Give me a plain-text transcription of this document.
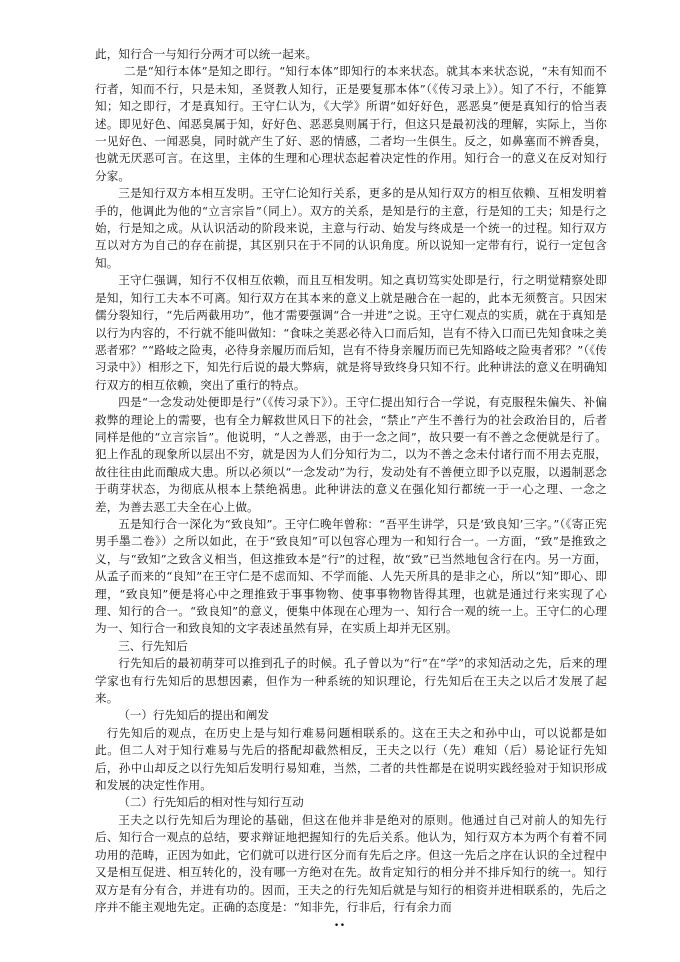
此，知行合一与知行分两才可以统一起来。

二是“知行本体”是知之即行。“知行本体”即知行的本来状态。就其本来状态说，“未有知而不行者，知而不行，只是未知，圣贤教人知行，正是要复那本体”（《传习录上》）。知了不行，不能算知；知之即行，才是真知行。王守仁认为，《大学》所谓“如好好色，恶恶臭”便是真知行的恰当表述。即见好色、闻恶臭属于知，好好色、恶恶臭则属于行，但这只是最初浅的理解，实际上，当你一见好色、一闻恶臭，同时就产生了好、恶的情感，二者均一生俱生。反之，如鼻塞而不辨香臭，也就无厌恶可言。在这里，主体的生理和心理状态起着决定性的作用。知行合一的意义在反对知行分家。

三是知行双方本相互发明。王守仁论知行关系，更多的是从知行双方的相互依赖、互相发明着手的，他调此为他的“立言宗旨”（同上）。双方的关系，是知是行的主意，行是知的工夫；知是行之始，行是知之成。从认识活动的阶段来说，主意与行动、始发与终成是一个统一的过程。知行双方互以对方为自己的存在前提，其区别只在于不同的认识角度。所以说知一定带有行，说行一定包含知。

王守仁强调，知行不仅相互依赖，而且互相发明。知之真切笃实处即是行，行之明觉精察处即是知，知行工夫本不可离。知行双方在其本来的意义上就是融合在一起的，此本无须赘言。只因宋儒分裂知行，“先后两截用功”，他才需要强调“合一并进”之说。王守仁观点的实质，就在于真知是以行为内容的，不行就不能叫做知：“食味之美恶必待入口而后知，岂有不待入口而已先知食味之美恶者邪？”“路岐之险夷，必待身亲履历而后知，岂有不待身亲履历而已先知路岐之险夷者邪？”（《传习录中》）相形之下，知先行后说的最大弊病，就是将导致终身只知不行。此种讲法的意义在明确知行双方的相互依赖，突出了重行的特点。

四是“一念发动处便即是行”（《传习录下》）。王守仁提出知行合一学说，有克服程朱偏失、补偏救弊的理论上的需要，也有全力解救世风日下的社会，“禁止”产生不善行为的社会政治目的，后者同样是他的“立言宗旨”。他说明，“人之善恶，由于一念之间”，故只要一有不善之念便就是行了。犯上作乱的现象所以层出不穷，就是因为人们分知行为二，以为不善之念未付诸行而不用去克服，故往往由此而酿成大患。所以必须以“一念发动”为行，发动处有不善便立即予以克服，以遏制恶念于萌芽状态，为彻底从根本上禁绝祸患。此种讲法的意义在强化知行都统一于一心之理、一念之差，为善去恶工夫全在心上做。

五是知行合一深化为“致良知”。王守仁晚年曾称：“吾平生讲学，只是‘致良知’三字。”（《寄正宪男手墨二卷》）之所以如此，在于“致良知”可以包容心理为一和知行合一。一方面，“致”是推致之义，与“致知”之致含义相当，但这推致本是“行”的过程，故“致”已当然地包含行在内。另一方面，从孟子而来的“良知”在王守仁是不虑而知、不学而能、人先天所具的是非之心，所以“知”即心、即理，“致良知”便是将心中之理推致于事事物物、使事事物物皆得其理，也就是通过行来实现了心理、知行的合一。“致良知”的意义，便集中体现在心理为一、知行合一观的统一上。王守仁的心理为一、知行合一和致良知的文字表述虽然有异，在实质上却并无区别。

三、行先知后

行先知后的最初萌芽可以推到孔子的时候。孔子曾以为“行”在“学”的求知活动之先，后来的理学家也有行先知后的思想因素，但作为一种系统的知识理论，行先知后在王夫之以后才发展了起来。

（一）行先知后的提出和阐发

行先知后的观点，在历史上是与知行难易问题相联系的。这在王夫之和孙中山，可以说都是如此。但二人对于知行难易与先后的搭配却截然相反，王夫之以行（先）难知（后）易论证行先知后，孙中山却反之以行先知后发明行易知难，当然，二者的共性都是在说明实践经验对于知识形成和发展的决定性作用。

（二）行先知后的相对性与知行互动

王夫之以行先知后为理论的基础，但这在他并非是绝对的原则。他通过自己对前人的知先行后、知行合一观点的总结，要求辩证地把握知行的先后关系。他认为，知行双方本为两个有着不同功用的范畴，正因为如此，它们就可以进行区分而有先后之序。但这一先后之序在认识的全过程中又是相互促进、相互转化的，没有哪一方绝对在先。故肯定知行的相分并不排斥知行的统一。知行双方是有分有合，并进有功的。因而，王夫之的行先知后就是与知行的相资并进相联系的，先后之序并不能主观地先定。正确的态度是：“知非先，行非后，行有余力而

..
